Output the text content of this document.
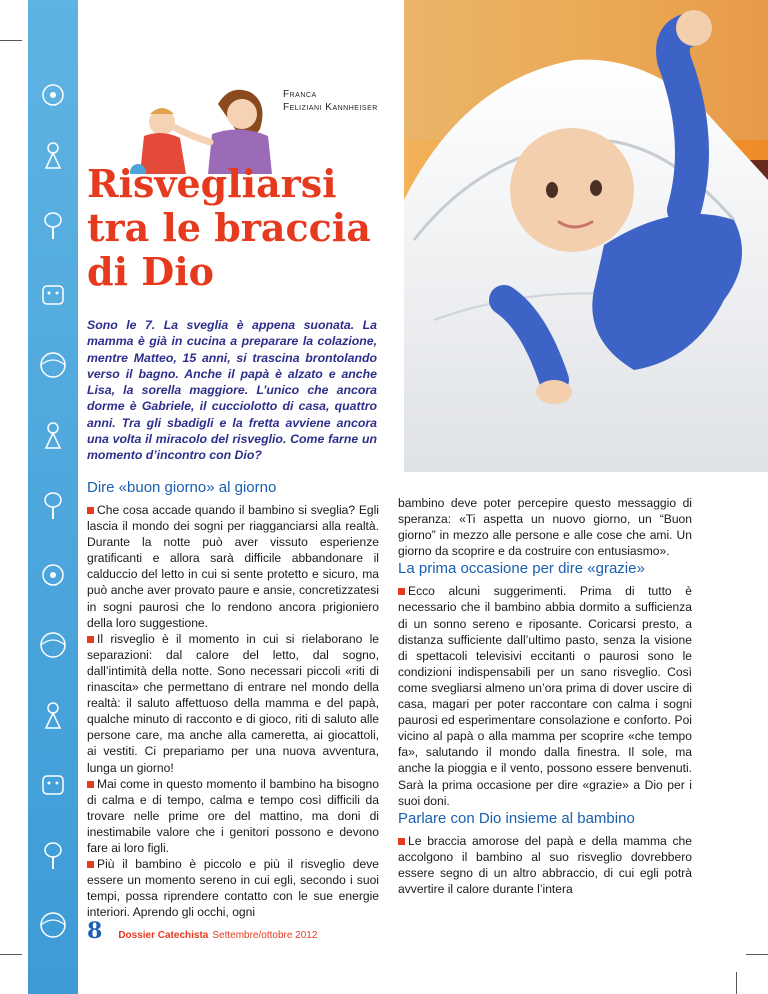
Franca
Feliziani Kannheiser
Risvegliarsi
tra le braccia
di Dio

Sono le 7. La sveglia è appena suonata. La mamma è già in cucina a preparare la colazione, mentre Matteo, 15 anni, si trascina brontolando verso il bagno. Anche il papà è alzato e anche Lisa, la sorella maggiore. L’unico che ancora dorme è Gabriele, il cucciolotto di casa, quattro anni. Tra gli sbadigli e la fretta avviene ancora una volta il miracolo del risveglio. Come farne un momento d’incontro con Dio?

Dire «buon giorno» al giorno

Che cosa accade quando il bambino si sveglia? Egli lascia il mondo dei sogni per riagganciarsi alla realtà. Durante la notte può aver vissuto esperienze gratificanti e allora sarà difficile abbandonare il calduccio del letto in cui si sente protetto e sicuro, ma può anche aver provato paure e ansie, concretizzatesi in sogni paurosi che lo rendono ancora prigioniero della loro suggestione.

Il risveglio è il momento in cui si rielaborano le separazioni: dal calore del letto, dal sogno, dall’intimità della notte. Sono necessari piccoli «riti di rinascita» che permettano di entrare nel mondo della realtà: il saluto affettuoso della mamma e del papà, qualche minuto di racconto e di gioco, riti di saluto alle persone care, ma anche alla cameretta, ai giocattoli, ai vestiti. Ci prepariamo per una nuova avventura, lunga un giorno!

Mai come in questo momento il bambino ha bisogno di calma e di tempo, calma e tempo così difficili da trovare nelle prime ore del mattino, ma doni di inestimabile valore che i genitori possono e devono fare ai loro figli.

Più il bambino è piccolo e più il risveglio deve essere un momento sereno in cui egli, secondo i suoi tempi, possa riprendere contatto con le sue energie interiori. Aprendo gli occhi, ogni

bambino deve poter percepire questo messaggio di speranza: «Ti aspetta un nuovo giorno, un “Buon giorno” in mezzo alle persone e alle cose che ami. Un giorno da scoprire e da costruire con entusiasmo».

La prima occasione per dire «grazie»

Ecco alcuni suggerimenti. Prima di tutto è necessario che il bambino abbia dormito a sufficienza di un sonno sereno e riposante. Coricarsi presto, a distanza sufficiente dall’ultimo pasto, senza la visione di spettacoli televisivi eccitanti o paurosi sono le condizioni indispensabili per un sano risveglio. Così come svegliarsi almeno un’ora prima di dover uscire di casa, magari per poter raccontare con calma i sogni paurosi ed esperimentare consolazione e conforto. Poi vicino al papà o alla mamma per scoprire «che tempo fa», salutando il mondo dalla finestra. Il sole, ma anche la pioggia e il vento, possono essere benvenuti. Sarà la prima occasione per dire «grazie» a Dio per i suoi doni.

Parlare con Dio insieme al bambino

Le braccia amorose del papà e della mamma che accolgono il bambino al suo risveglio dovrebbero essere segno di un altro abbraccio, di cui egli potrà avvertire il calore durante l’intera

8 Dossier Catechista Settembre/ottobre 2012
